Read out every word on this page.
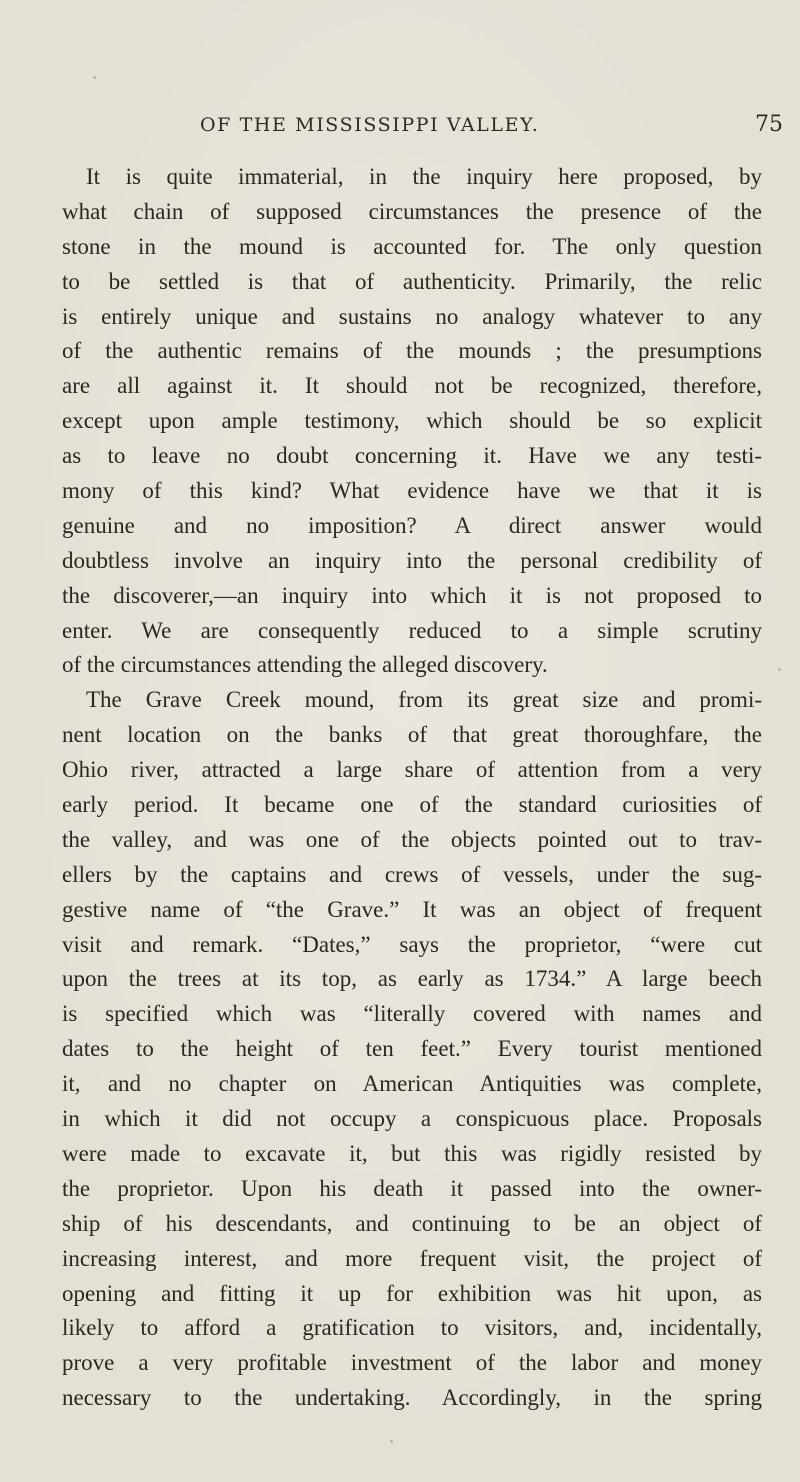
OF THE MISSISSIPPI VALLEY.	75
It is quite immaterial, in the inquiry here proposed, by
what chain of supposed circumstances the presence of the
stone in the mound is accounted for. The only question
to be settled is that of authenticity. Primarily, the relic
is entirely unique and sustains no analogy whatever to any
of the authentic remains of the mounds ; the presumptions
are all against it. It should not be recognized, therefore,
except upon ample testimony, which should be so explicit
as to leave no doubt concerning it. Have we any testi-
mony of this kind? What evidence have we that it is
genuine and no imposition? A direct answer would
doubtless involve an inquiry into the personal credibility of
the discoverer,—an inquiry into which it is not proposed to
enter. We are consequently reduced to a simple scrutiny
of the circumstances attending the alleged discovery.
The Grave Creek mound, from its great size and promi-
nent location on the banks of that great thoroughfare, the
Ohio river, attracted a large share of attention from a very
early period. It became one of the standard curiosities of
the valley, and was one of the objects pointed out to trav-
ellers by the captains and crews of vessels, under the sug-
gestive name of “the Grave.” It was an object of frequent
visit and remark. “Dates,” says the proprietor, “were cut
upon the trees at its top, as early as 1734.” A large beech
is specified which was “literally covered with names and
dates to the height of ten feet.” Every tourist mentioned
it, and no chapter on American Antiquities was complete,
in which it did not occupy a conspicuous place. Proposals
were made to excavate it, but this was rigidly resisted by
the proprietor. Upon his death it passed into the owner-
ship of his descendants, and continuing to be an object of
increasing interest, and more frequent visit, the project of
opening and fitting it up for exhibition was hit upon, as
likely to afford a gratification to visitors, and, incidentally,
prove a very profitable investment of the labor and money
necessary to the undertaking. Accordingly, in the spring
